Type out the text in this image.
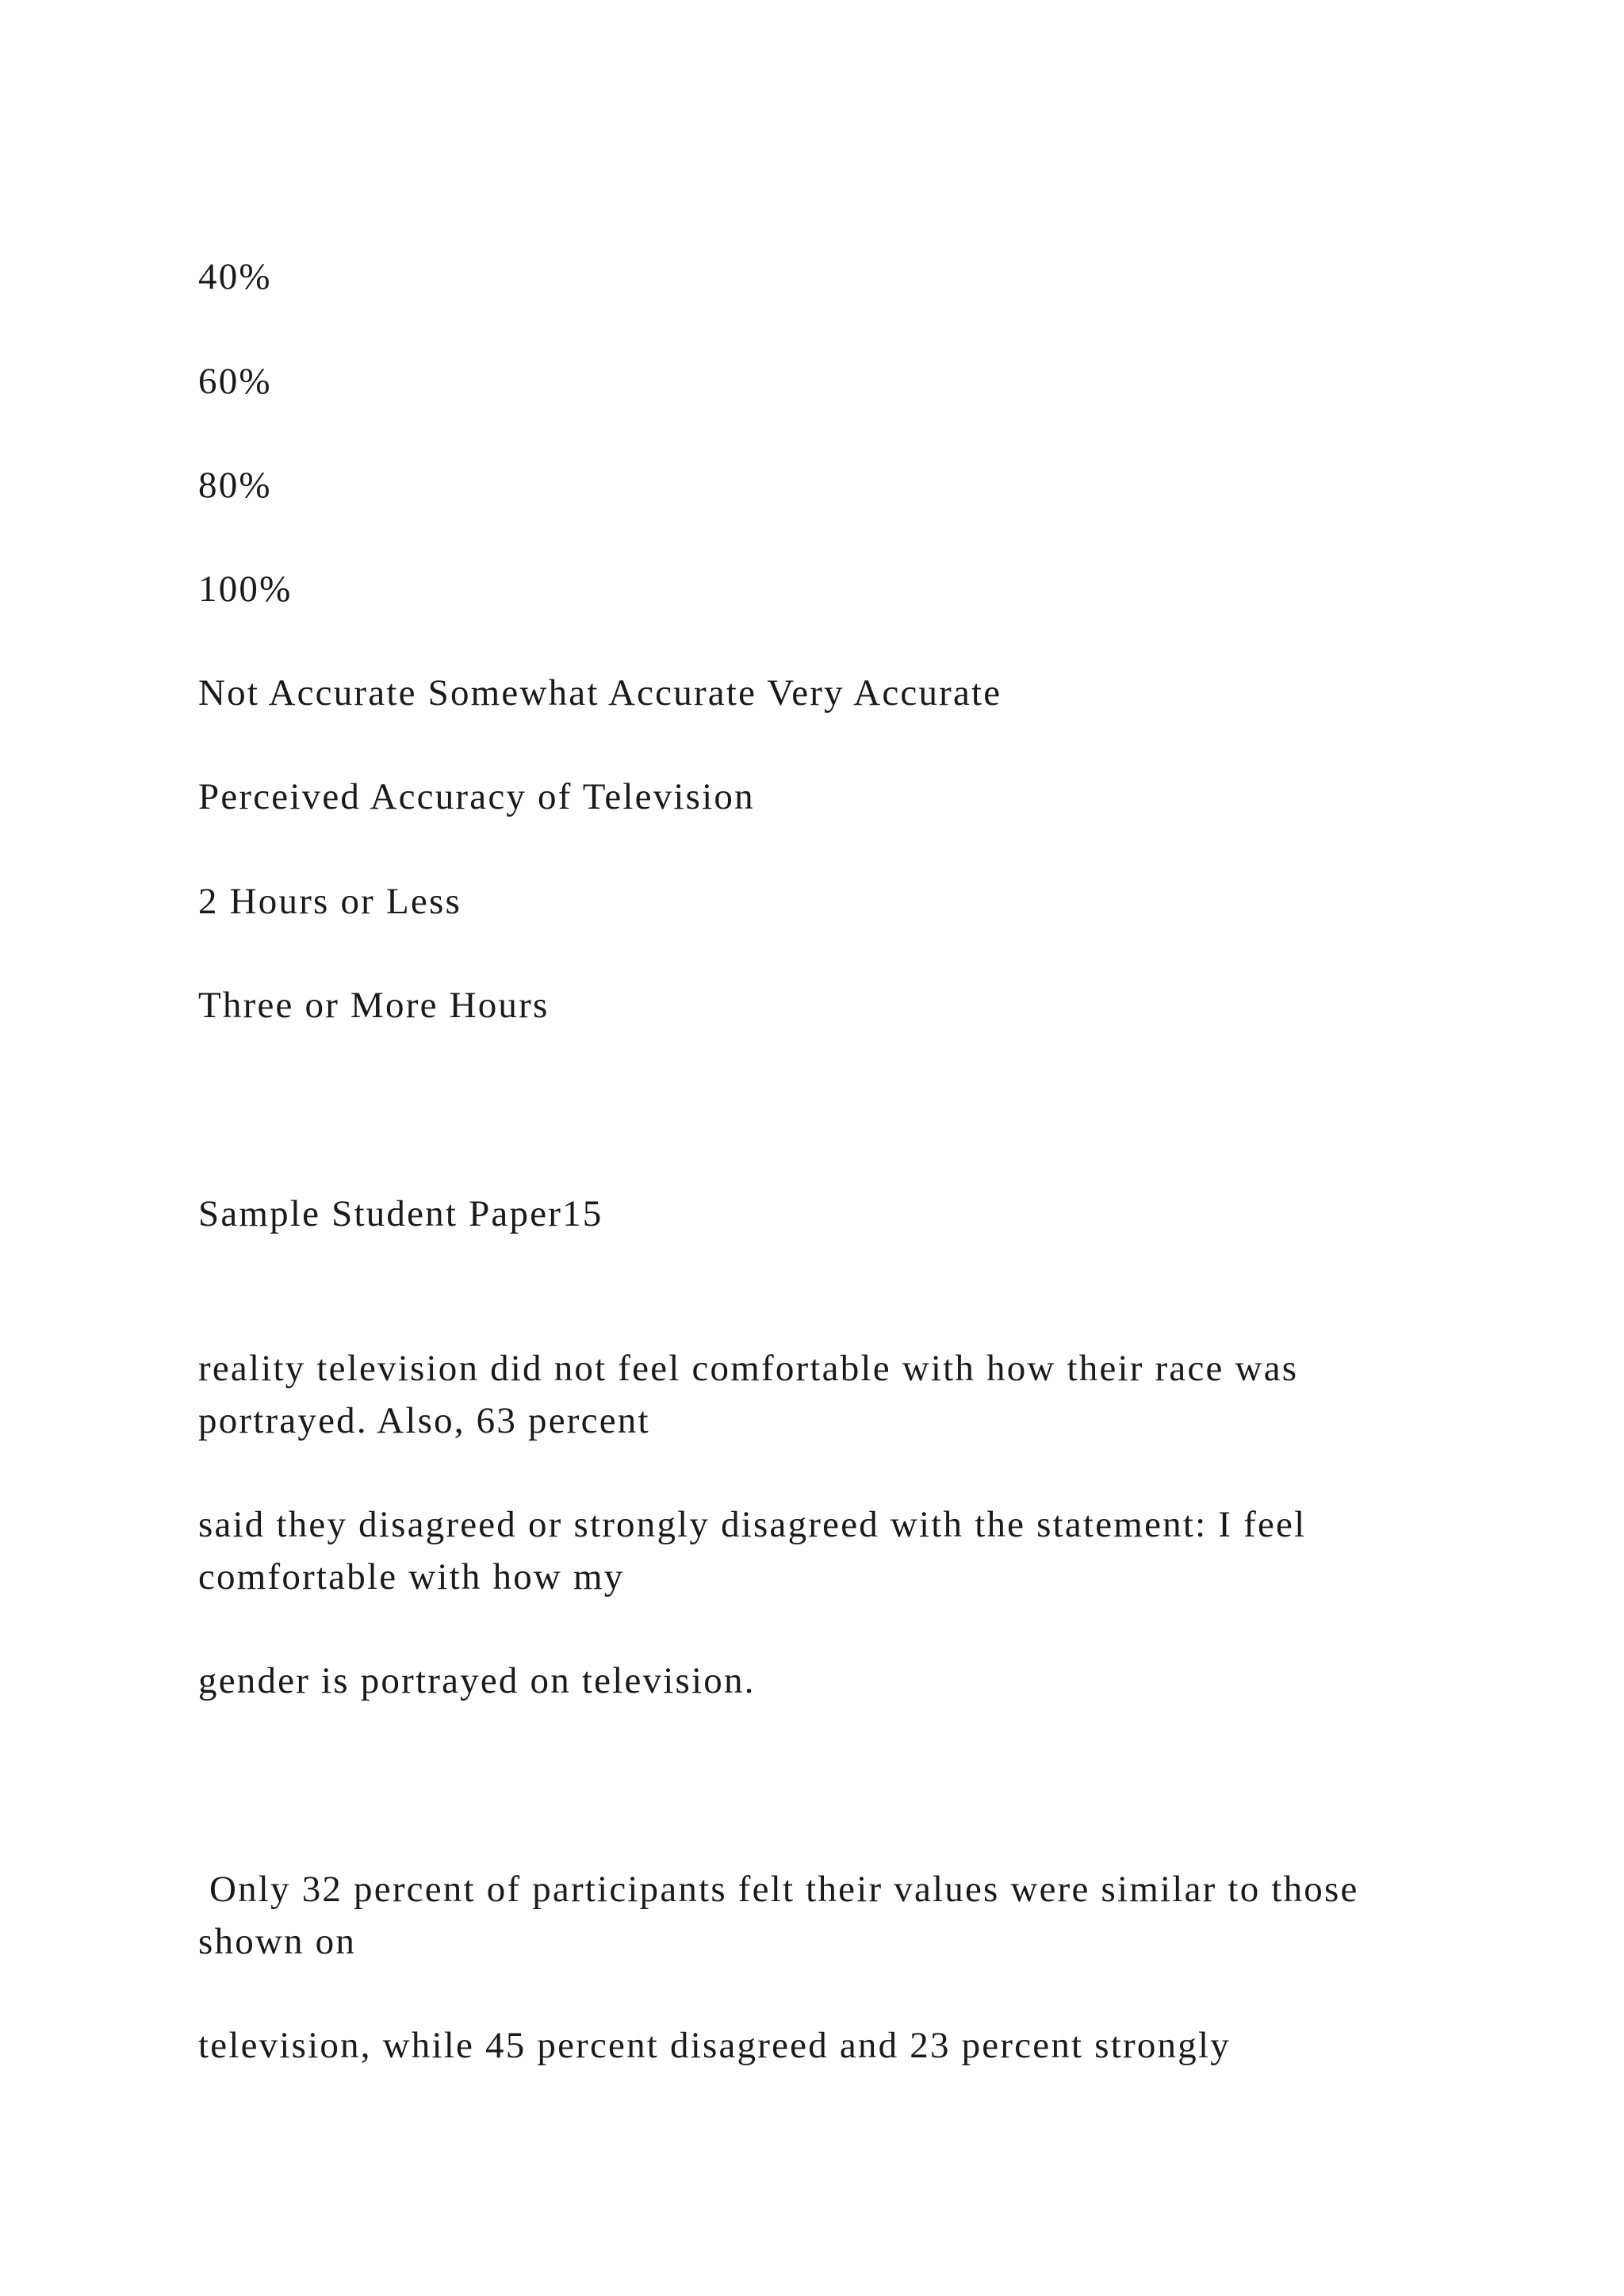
40%

60%

80%

100%

Not Accurate Somewhat Accurate Very Accurate

Perceived Accuracy of Television

2 Hours or Less

Three or More Hours

Sample Student Paper15

reality television did not feel comfortable with how their race was portrayed. Also, 63 percent

said they disagreed or strongly disagreed with the statement: I feel comfortable with how my

gender is portrayed on television.

Only 32 percent of participants felt their values were similar to those shown on

television, while 45 percent disagreed and 23 percent strongly
